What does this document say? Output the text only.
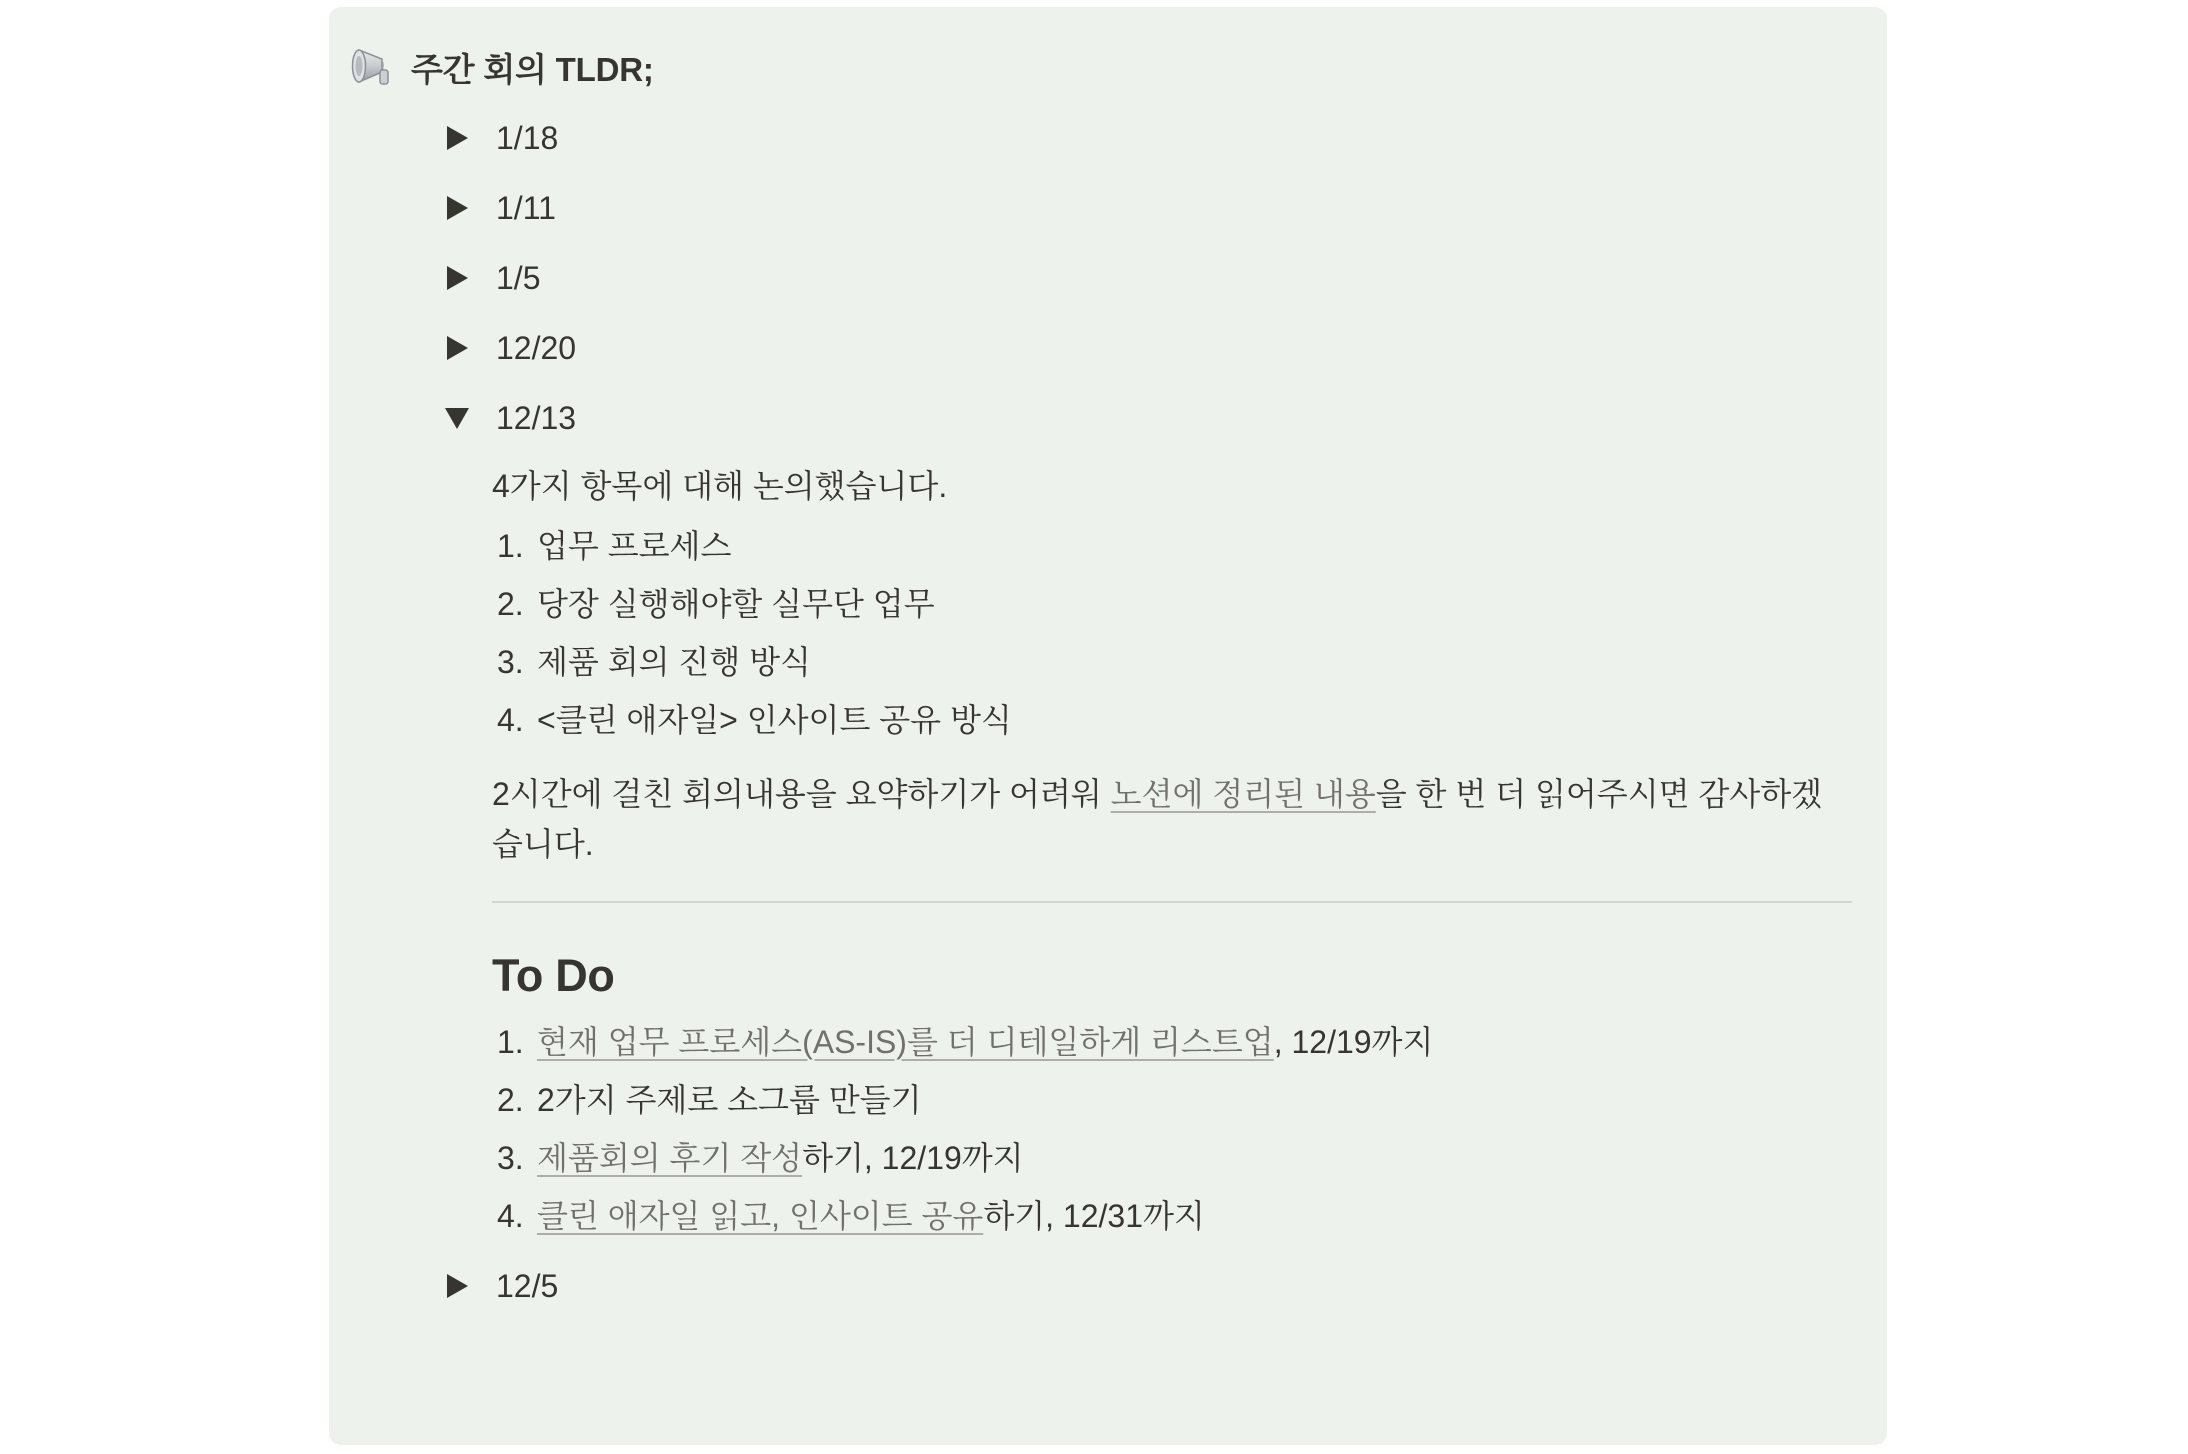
주간 회의 TLDR;
1/18
1/11
1/5
12/20
12/13

4가지 항목에 대해 논의했습니다.

1. 업무 프로세스
2. 당장 실행해야할 실무단 업무
3. 제품 회의 진행 방식
4. <클린 애자일> 인사이트 공유 방식

2시간에 걸친 회의내용을 요약하기가 어려워 노션에 정리된 내용을 한 번 더 읽어주시면 감사하겠습니다.

To Do
1. 현재 업무 프로세스(AS-IS)를 더 디테일하게 리스트업, 12/19까지
2. 2가지 주제로 소그룹 만들기
3. 제품회의 후기 작성하기, 12/19까지
4. 클린 애자일 읽고, 인사이트 공유하기, 12/31까지
12/5
